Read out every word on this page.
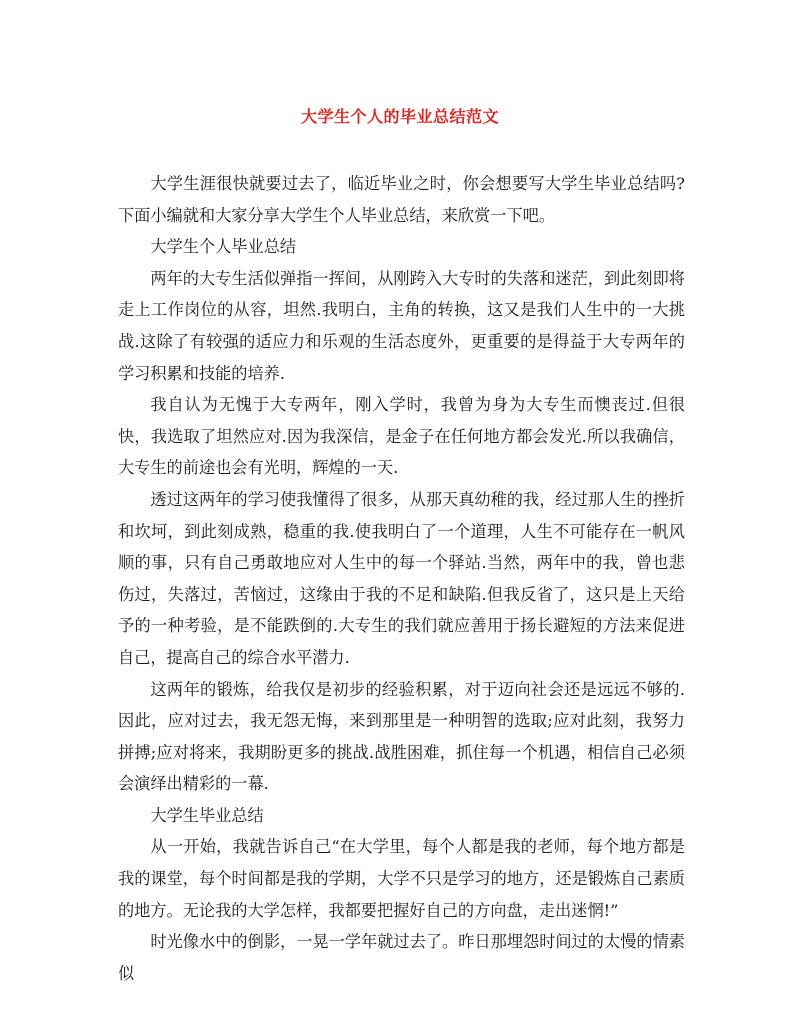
大学生个人的毕业总结范文

大学生涯很快就要过去了，临近毕业之时，你会想要写大学生毕业总结吗?下面小编就和大家分享大学生个人毕业总结，来欣赏一下吧。

大学生个人毕业总结

两年的大专生活似弹指一挥间，从刚跨入大专时的失落和迷茫，到此刻即将走上工作岗位的从容，坦然.我明白，主角的转换，这又是我们人生中的一大挑战.这除了有较强的适应力和乐观的生活态度外，更重要的是得益于大专两年的学习积累和技能的培养.

我自认为无愧于大专两年，刚入学时，我曾为身为大专生而懊丧过.但很快，我选取了坦然应对.因为我深信，是金子在任何地方都会发光.所以我确信，大专生的前途也会有光明，辉煌的一天.

透过这两年的学习使我懂得了很多，从那天真幼稚的我，经过那人生的挫折和坎坷，到此刻成熟，稳重的我.使我明白了一个道理，人生不可能存在一帆风顺的事，只有自己勇敢地应对人生中的每一个驿站.当然，两年中的我，曾也悲伤过，失落过，苦恼过，这缘由于我的不足和缺陷.但我反省了，这只是上天给予的一种考验，是不能跌倒的.大专生的我们就应善用于扬长避短的方法来促进自己，提高自己的综合水平潜力.

这两年的锻炼，给我仅是初步的经验积累，对于迈向社会还是远远不够的.因此，应对过去，我无怨无悔，来到那里是一种明智的选取;应对此刻，我努力拼搏;应对将来，我期盼更多的挑战.战胜困难，抓住每一个机遇，相信自己必须会演绎出精彩的一幕.

大学生毕业总结

从一开始，我就告诉自己“在大学里，每个人都是我的老师，每个地方都是我的课堂，每个时间都是我的学期，大学不只是学习的地方，还是锻炼自己素质的地方。无论我的大学怎样，我都要把握好自己的方向盘，走出迷惘!”

时光像水中的倒影，一晃一学年就过去了。昨日那埋怨时间过的太慢的情素似
